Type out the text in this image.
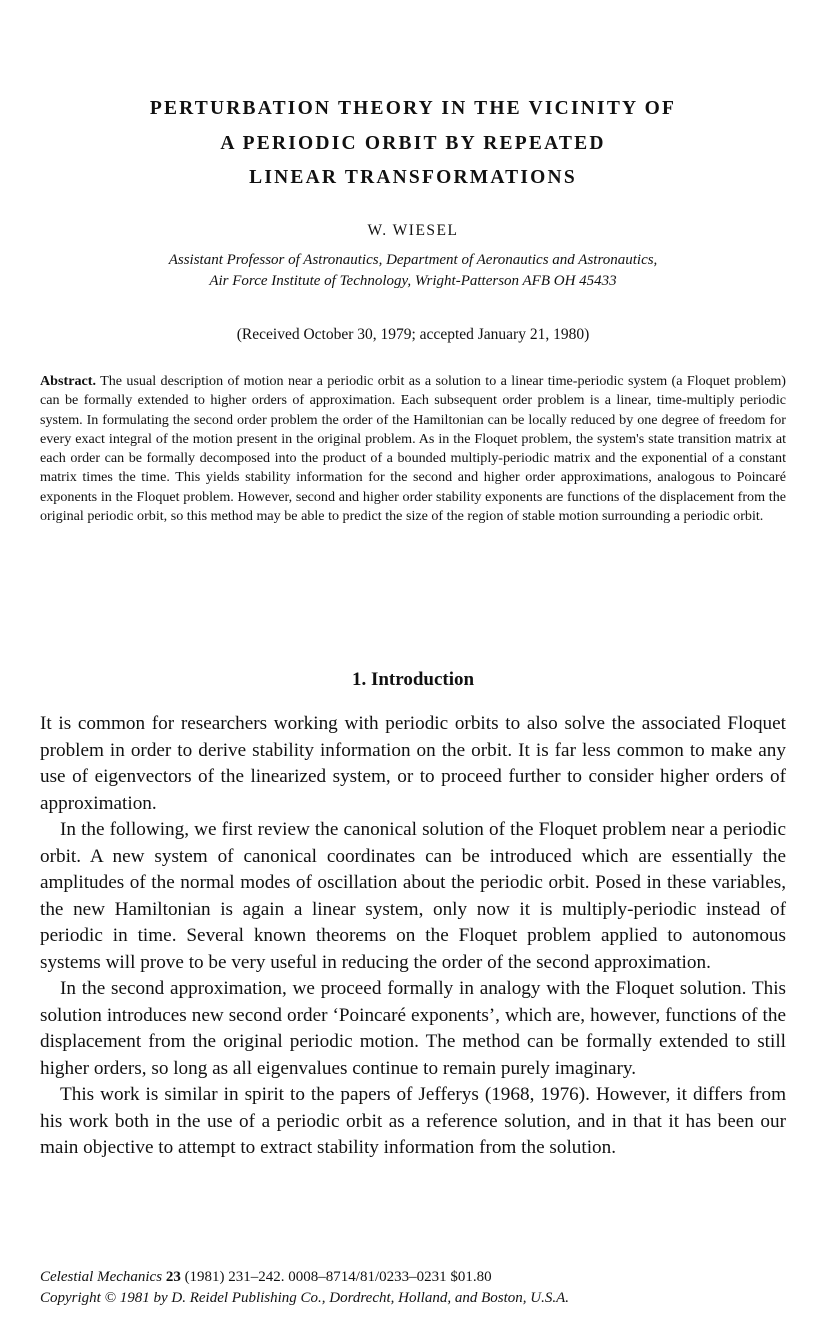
PERTURBATION THEORY IN THE VICINITY OF
A PERIODIC ORBIT BY REPEATED
LINEAR TRANSFORMATIONS
W. WIESEL
Assistant Professor of Astronautics, Department of Aeronautics and Astronautics,
Air Force Institute of Technology, Wright-Patterson AFB OH 45433
(Received October 30, 1979; accepted January 21, 1980)

Abstract. The usual description of motion near a periodic orbit as a solution to a linear time-periodic system (a Floquet problem) can be formally extended to higher orders of approximation. Each subsequent order problem is a linear, time-multiply periodic system. In formulating the second order problem the order of the Hamiltonian can be locally reduced by one degree of freedom for every exact integral of the motion present in the original problem. As in the Floquet problem, the system's state transition matrix at each order can be formally decomposed into the product of a bounded multiply-periodic matrix and the exponential of a constant matrix times the time. This yields stability information for the second and higher order approximations, analogous to Poincaré exponents in the Floquet problem. However, second and higher order stability exponents are functions of the displacement from the original periodic orbit, so this method may be able to predict the size of the region of stable motion surrounding a periodic orbit.

1. Introduction

It is common for researchers working with periodic orbits to also solve the associated Floquet problem in order to derive stability information on the orbit. It is far less common to make any use of eigenvectors of the linearized system, or to proceed further to consider higher orders of approximation.

In the following, we first review the canonical solution of the Floquet problem near a periodic orbit. A new system of canonical coordinates can be introduced which are essentially the amplitudes of the normal modes of oscillation about the periodic orbit. Posed in these variables, the new Hamiltonian is again a linear system, only now it is multiply-periodic instead of periodic in time. Several known theorems on the Floquet problem applied to autonomous systems will prove to be very useful in reducing the order of the second approximation.

In the second approximation, we proceed formally in analogy with the Floquet solution. This solution introduces new second order ‘Poincaré exponents’, which are, however, functions of the displacement from the original periodic motion. The method can be formally extended to still higher orders, so long as all eigenvalues continue to remain purely imaginary.

This work is similar in spirit to the papers of Jefferys (1968, 1976). However, it differs from his work both in the use of a periodic orbit as a reference solution, and in that it has been our main objective to attempt to extract stability information from the solution.

Celestial Mechanics 23 (1981) 231–242. 0008–8714/81/0233–0231 $01.80
Copyright © 1981 by D. Reidel Publishing Co., Dordrecht, Holland, and Boston, U.S.A.
